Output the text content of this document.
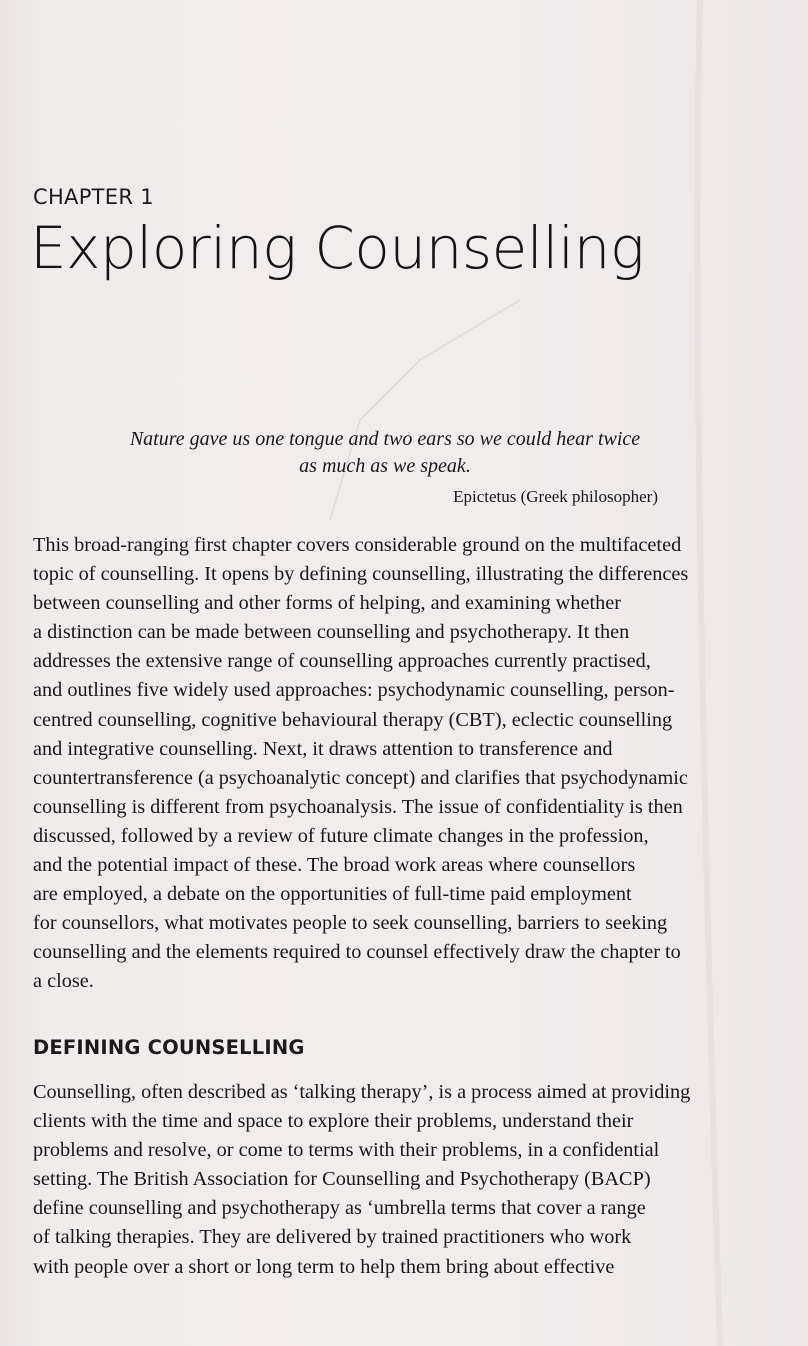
CHAPTER 1
Exploring Counselling
Nature gave us one tongue and two ears so we could hear twice
as much as we speak.
Epictetus (Greek philosopher)
This broad-ranging first chapter covers considerable ground on the multifaceted
topic of counselling. It opens by defining counselling, illustrating the differences
between counselling and other forms of helping, and examining whether
a distinction can be made between counselling and psychotherapy. It then
addresses the extensive range of counselling approaches currently practised,
and outlines five widely used approaches: psychodynamic counselling, person-
centred counselling, cognitive behavioural therapy (CBT), eclectic counselling
and integrative counselling. Next, it draws attention to transference and
countertransference (a psychoanalytic concept) and clarifies that psychodynamic
counselling is different from psychoanalysis. The issue of confidentiality is then
discussed, followed by a review of future climate changes in the profession,
and the potential impact of these. The broad work areas where counsellors
are employed, a debate on the opportunities of full-time paid employment
for counsellors, what motivates people to seek counselling, barriers to seeking
counselling and the elements required to counsel effectively draw the chapter to
a close.
DEFINING COUNSELLING
Counselling, often described as ‘talking therapy’, is a process aimed at providing
clients with the time and space to explore their problems, understand their
problems and resolve, or come to terms with their problems, in a confidential
setting. The British Association for Counselling and Psychotherapy (BACP)
define counselling and psychotherapy as ‘umbrella terms that cover a range
of talking therapies. They are delivered by trained practitioners who work
with people over a short or long term to help them bring about effective
